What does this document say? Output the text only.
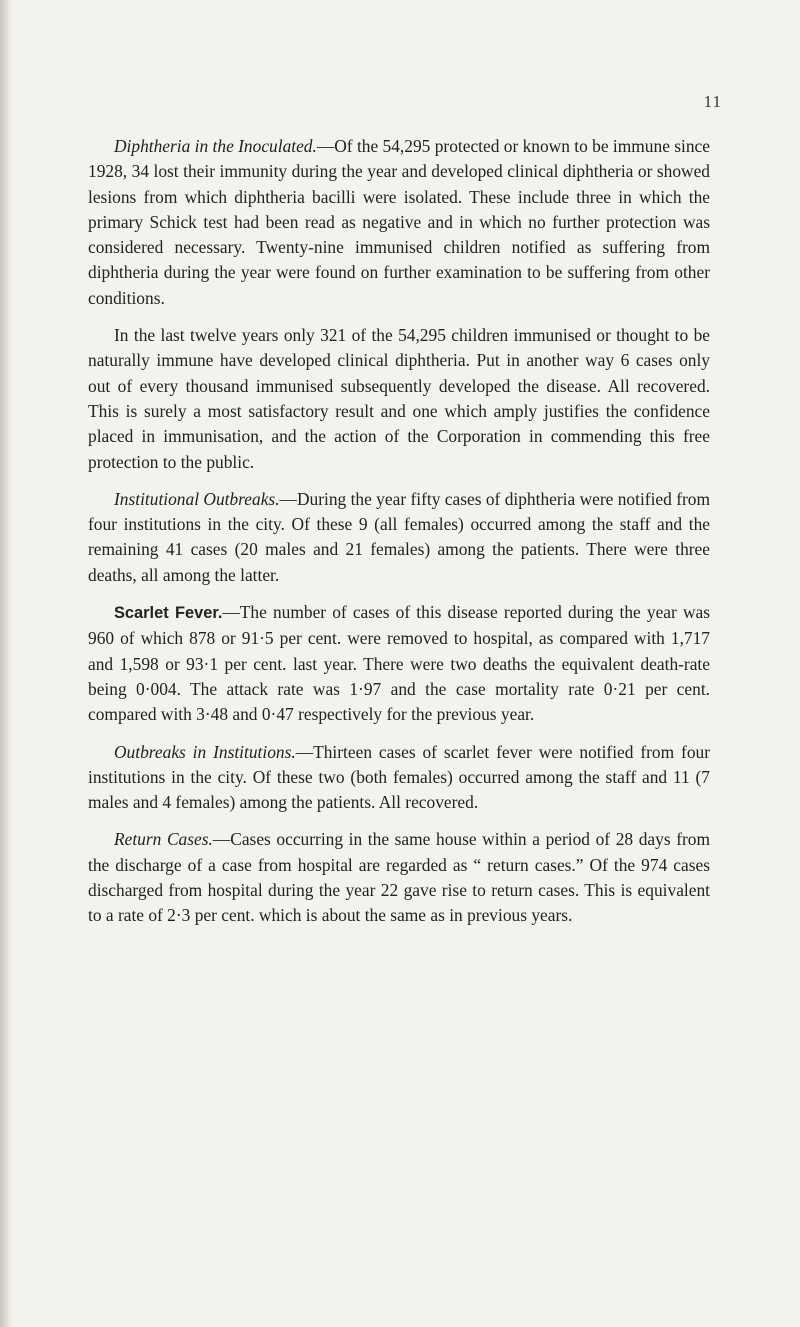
11

Diphtheria in the Inoculated.—Of the 54,295 protected or known to be immune since 1928, 34 lost their immunity during the year and developed clinical diphtheria or showed lesions from which diphtheria bacilli were isolated. These include three in which the primary Schick test had been read as negative and in which no further protection was considered necessary. Twenty-nine immunised children notified as suffering from diphtheria during the year were found on further examination to be suffering from other conditions.

In the last twelve years only 321 of the 54,295 children immunised or thought to be naturally immune have developed clinical diphtheria. Put in another way 6 cases only out of every thousand immunised subsequently developed the disease. All recovered. This is surely a most satisfactory result and one which amply justifies the confidence placed in immunisation, and the action of the Corporation in commending this free protection to the public.

Institutional Outbreaks.—During the year fifty cases of diphtheria were notified from four institutions in the city. Of these 9 (all females) occurred among the staff and the remaining 41 cases (20 males and 21 females) among the patients. There were three deaths, all among the latter.

Scarlet Fever.—The number of cases of this disease reported during the year was 960 of which 878 or 91·5 per cent. were removed to hospital, as compared with 1,717 and 1,598 or 93·1 per cent. last year. There were two deaths the equivalent death-rate being 0·004. The attack rate was 1·97 and the case mortality rate 0·21 per cent. compared with 3·48 and 0·47 respectively for the previous year.

Outbreaks in Institutions.—Thirteen cases of scarlet fever were notified from four institutions in the city. Of these two (both females) occurred among the staff and 11 (7 males and 4 females) among the patients. All recovered.

Return Cases.—Cases occurring in the same house within a period of 28 days from the discharge of a case from hospital are regarded as “ return cases.” Of the 974 cases discharged from hospital during the year 22 gave rise to return cases. This is equivalent to a rate of 2·3 per cent. which is about the same as in previous years.
